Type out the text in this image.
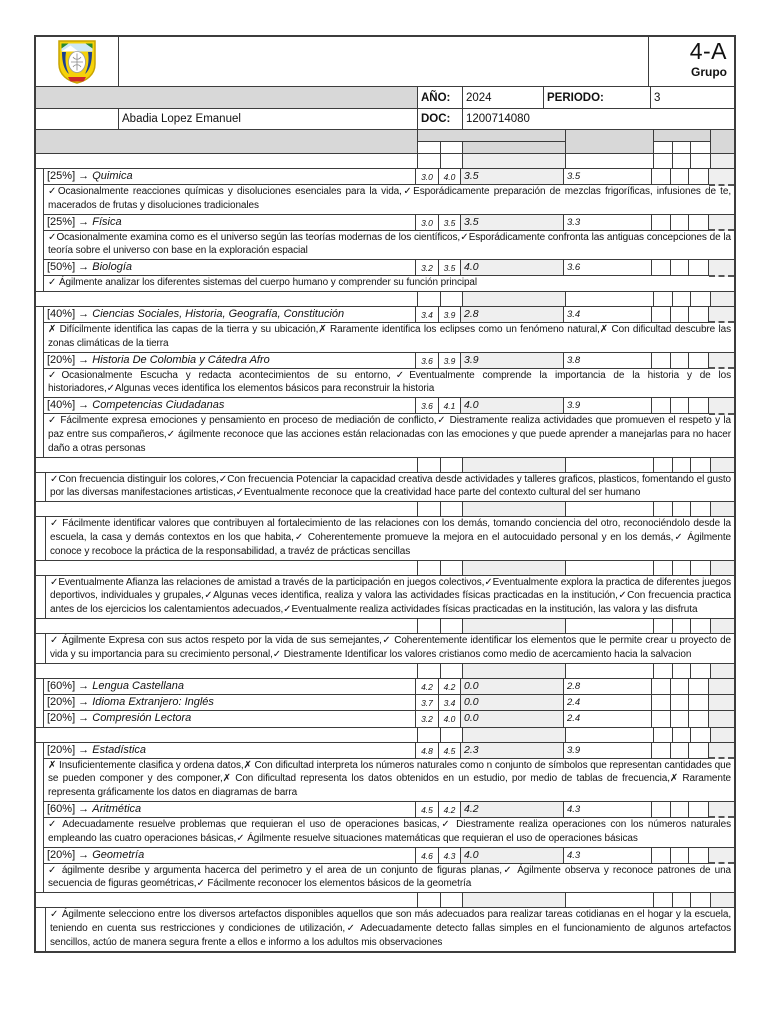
4-A
Grupo
AÑO:	2024	PERIODO:	3
Abadia Lopez Emanuel	DOC:	1200714080
[25%] → Quimica	3.0	4.0 3.5	3.5
✓Ocasionalmente reacciones químicas y disoluciones esenciales para la vida,✓Esporádicamente preparación de mezclas frigoríficas, infusiones de te, macerados de frutas y disoluciones tradicionales
[25%] → Física	3.0	3.5 3.5	3.3
✓Ocasionalmente examina como es el universo según las teorías modernas de los científicos,✓Esporádicamente confronta las antiguas concepciones de la teoría sobre el universo con base en la exploración espacial
[50%] → Biología	3.2	3.5 4.0	3.6
✓ Ágilmente analizar los diferentes sistemas del cuerpo humano y comprender su función principal
[40%] → Ciencias Sociales, Historia, Geografía, Constitución	3.4	3.9 2.8	3.4
✗ Difícilmente identifica las capas de la tierra y su ubicación,✗ Raramente identifica los eclipses como un fenómeno natural,✗ Con dificultad descubre las zonas climáticas de la tierra
[20%] → Historia De Colombia y Cátedra Afro	3.6	3.9 3.9	3.8
✓Ocasionalmente Escucha y redacta acontecimientos de su entorno,✓Eventualmente comprende la importancia de la historia y de los historiadores,✓Algunas veces identifica los elementos básicos para reconstruir la historia
[40%] → Competencias Ciudadanas	3.6	4.1 4.0	3.9
✓ Fácilmente expresa emociones y pensamiento en proceso de mediación de conflicto,✓ Diestramente realiza actividades que promueven el respeto y la paz entre sus compañeros,✓ ágilmente reconoce que las acciones están relacionadas con las emociones y que puede aprender a manejarlas para no hacer daño a otras personas
✓Con frecuencia distinguir los colores,✓Con frecuencia Potenciar la capacidad creativa desde actividades y talleres graficos, plasticos, fomentando el gusto por las diversas manifestaciones artisticas,✓Eventualmente reconoce que la creatividad hace parte del contexto cultural del ser humano
✓ Fácilmente identificar valores que contribuyen al fortalecimiento de las relaciones con los demás, tomando conciencia del otro, reconociéndolo desde la escuela, la casa y demás contextos en los que habita,✓ Coherentemente promueve la mejora en el autocuidado personal y en los demás,✓ Ágilmente conoce y recoboce la práctica de la responsabilidad, a travéz de prácticas sencillas
✓Eventualmente Afianza las relaciones de amistad a través de la participación en juegos colectivos,✓Eventualmente explora la practica de diferentes juegos deportivos, individuales y grupales,✓Algunas veces identifica, realiza y valora las actividades físicas practicadas en la institución,✓Con frecuencia practica antes de los ejercicios los calentamientos adecuados,✓Eventualmente realiza actividades físicas practicadas en la institución, las valora y las disfruta
✓ Ágilmente Expresa con sus actos respeto por la vida de sus semejantes,✓ Coherentemente identificar los elementos que le permite crear u proyecto de vida y su importancia para su crecimiento personal,✓ Diestramente Identificar los valores cristianos como medio de acercamiento hacia la salvacion
[60%] → Lengua Castellana	4.2	4.2 0.0	2.8
[20%] → Idioma Extranjero: Inglés	3.7	3.4 0.0	2.4
[20%] → Compresión Lectora	3.2	4.0 0.0	2.4
[20%] → Estadística	4.8	4.5 2.3	3.9
✗ Insuficientemente clasifica y ordena datos,✗ Con dificultad interpreta los números naturales como n conjunto de símbolos que representan cantidades que se pueden componer y des componer,✗ Con dificultad representa los datos obtenidos en un estudio, por medio de tablas de frecuencia,✗ Raramente representa gráficamente los datos en diagramas de barra
[60%] → Aritmética	4.5	4.2 4.2	4.3
✓ Adecuadamente resuelve problemas que requieran el uso de operaciones basicas,✓ Diestramente realiza operaciones con los números naturales empleando las cuatro operaciones básicas,✓ Ágilmente resuelve situaciones matemáticas que requieran el uso de operaciones básicas
[20%] → Geometría	4.6	4.3 4.0	4.3
✓ ágilmente desribe y argumenta hacerca del perimetro y el area de un conjunto de figuras planas,✓ Ágilmente observa y reconoce patrones de una secuencia de figuras geométricas,✓ Fácilmente reconocer los elementos básicos de la geometría
✓ Ágilmente selecciono entre los diversos artefactos disponibles aquellos que son más adecuados para realizar tareas cotidianas en el hogar y la escuela, teniendo en cuenta sus restricciones y condiciones de utilización,✓ Adecuadamente detecto fallas simples en el funcionamiento de algunos artefactos sencillos, actúo de manera segura frente a ellos e informo a los adultos mis observaciones
